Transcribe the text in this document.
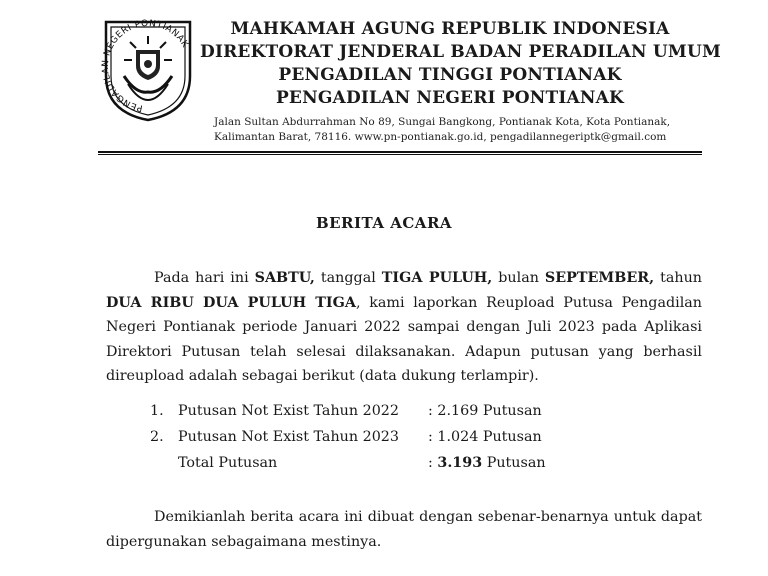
PENGADILAN NEGERI PONTIANAK
MAHKAMAH AGUNG REPUBLIK INDONESIA
DIREKTORAT JENDERAL BADAN PERADILAN UMUM
PENGADILAN TINGGI PONTIANAK
PENGADILAN NEGERI PONTIANAK
Jalan Sultan Abdurrahman No 89, Sungai Bangkong, Pontianak Kota, Kota Pontianak,
Kalimantan Barat, 78116. www.pn-pontianak.go.id, pengadilannegeriptk@gmail.com
BERITA ACARA
Pada hari ini SABTU, tanggal TIGA PULUH, bulan SEPTEMBER, tahun DUA RIBU DUA PULUH TIGA, kami laporkan Reupload Putusa Pengadilan Negeri Pontianak periode Januari 2022 sampai dengan Juli 2023 pada Aplikasi Direktori Putusan telah selesai dilaksanakan. Adapun putusan yang berhasil direupload adalah sebagai berikut (data dukung terlampir).
1.	Putusan Not Exist Tahun 2022	: 2.169 Putusan
2.	Putusan Not Exist Tahun 2023	: 1.024 Putusan
Total Putusan	: 3.193 Putusan
Demikianlah berita acara ini dibuat dengan sebenar-benarnya untuk dapat dipergunakan sebagaimana mestinya.
